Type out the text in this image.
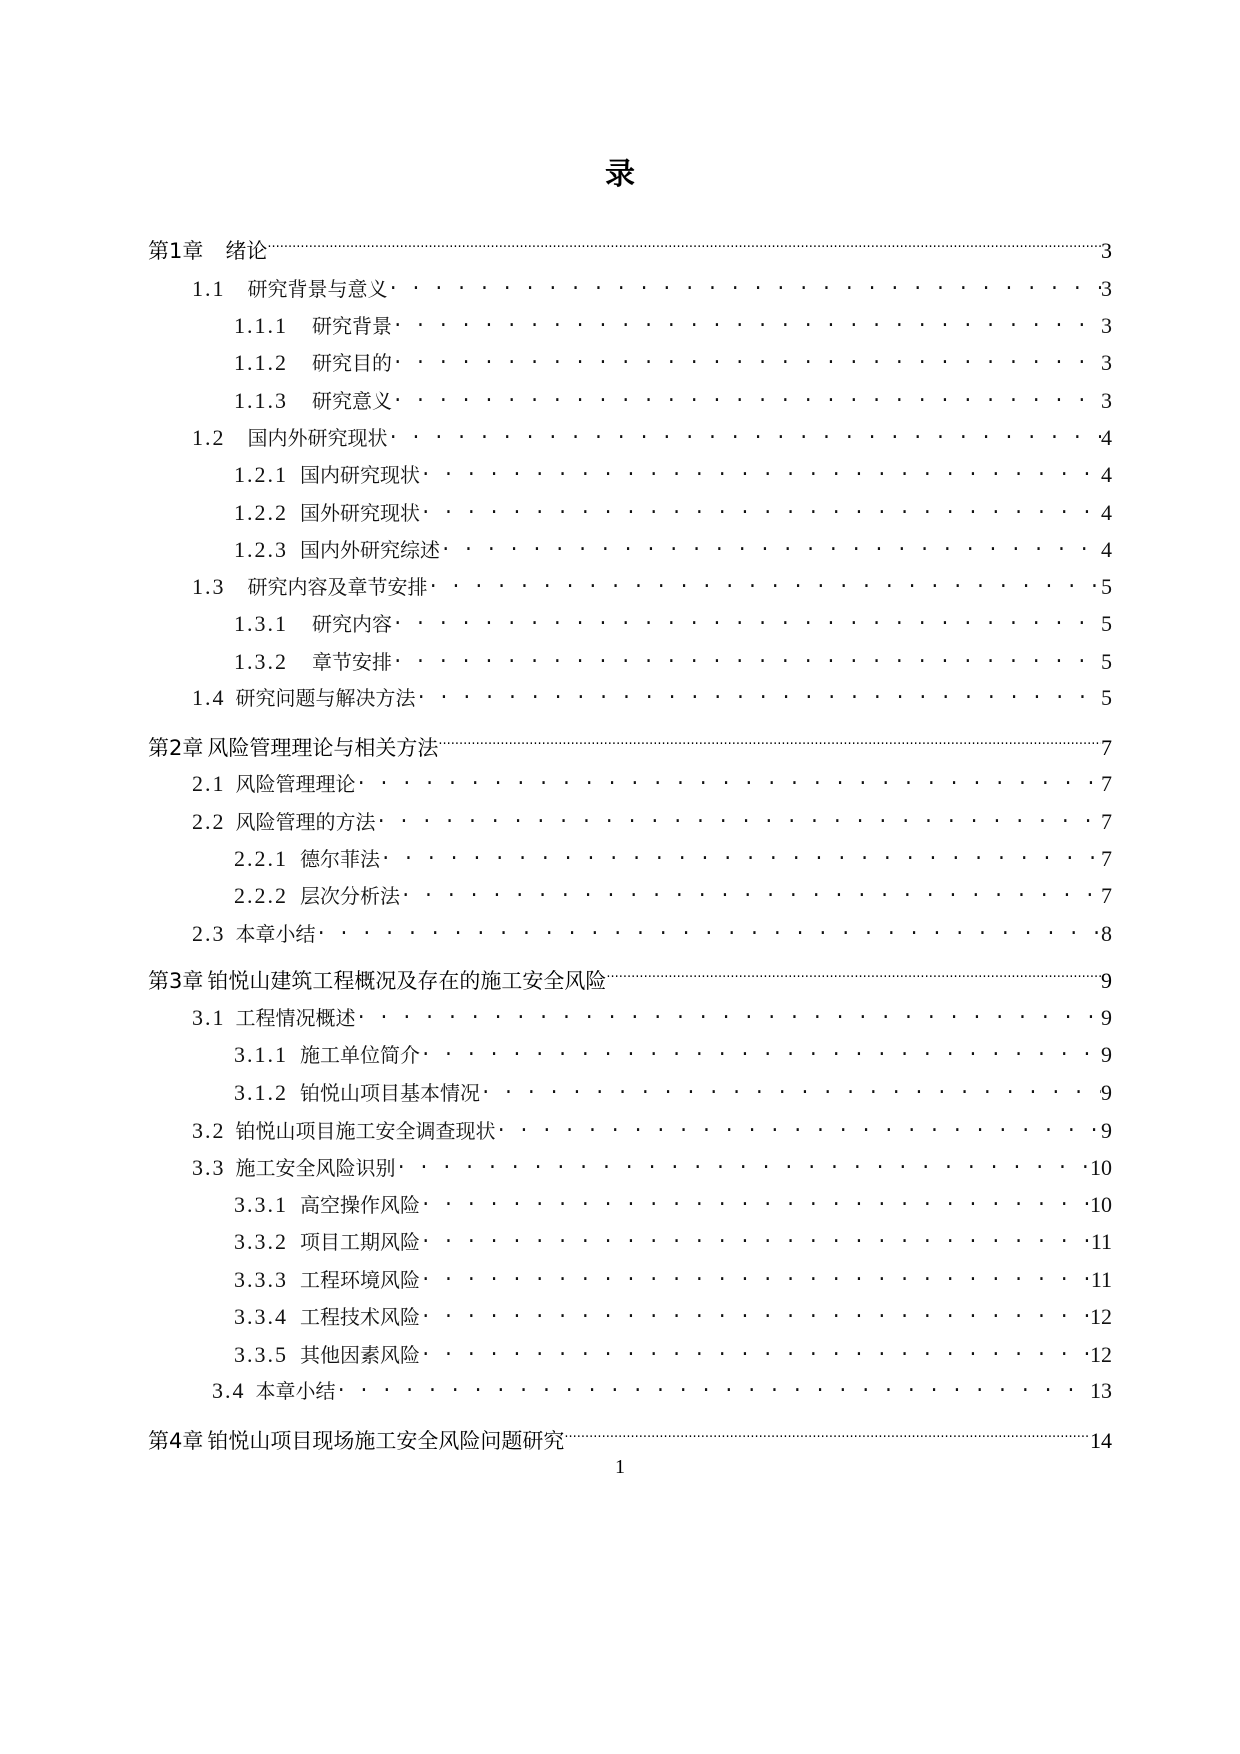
录
第1章 绪论 .....	3
1.1 研究背景与意义 . . .	3
1.1.1 研究背景 . . .	3
1.1.2 研究目的 . . .	3
1.1.3 研究意义 . . .	3
1.2 国内外研究现状 . . .	4
1.2.1 国内研究现状 . . .	4
1.2.2 国外研究现状 . . .	4
1.2.3 国内外研究综述 . . .	4
1.3 研究内容及章节安排 . . .	5
1.3.1 研究内容 . . .	5
1.3.2 章节安排 . . .	5
1.4 研究问题与解决方法 . . .	5
第2章 风险管理理论与相关方法 .....	7
2.1 风险管理理论 . . .	7
2.2 风险管理的方法 . . .	7
2.2.1 德尔菲法 . . .	7
2.2.2 层次分析法 . . .	7
2.3 本章小结 . . .	8
第3章 铂悦山建筑工程概况及存在的施工安全风险 .....	9
3.1 工程情况概述 . . .	9
3.1.1 施工单位简介 . . .	9
3.1.2 铂悦山项目基本情况 . . .	9
3.2 铂悦山项目施工安全调查现状 . . .	9
3.3 施工安全风险识别 . . .	10
3.3.1 高空操作风险 . . .	10
3.3.2 项目工期风险 . . .	11
3.3.3 工程环境风险 . . .	11
3.3.4 工程技术风险 . . .	12
3.3.5 其他因素风险 . . .	12
3.4 本章小结 . . .	13
第4章 铂悦山项目现场施工安全风险问题研究 .....	14
1
